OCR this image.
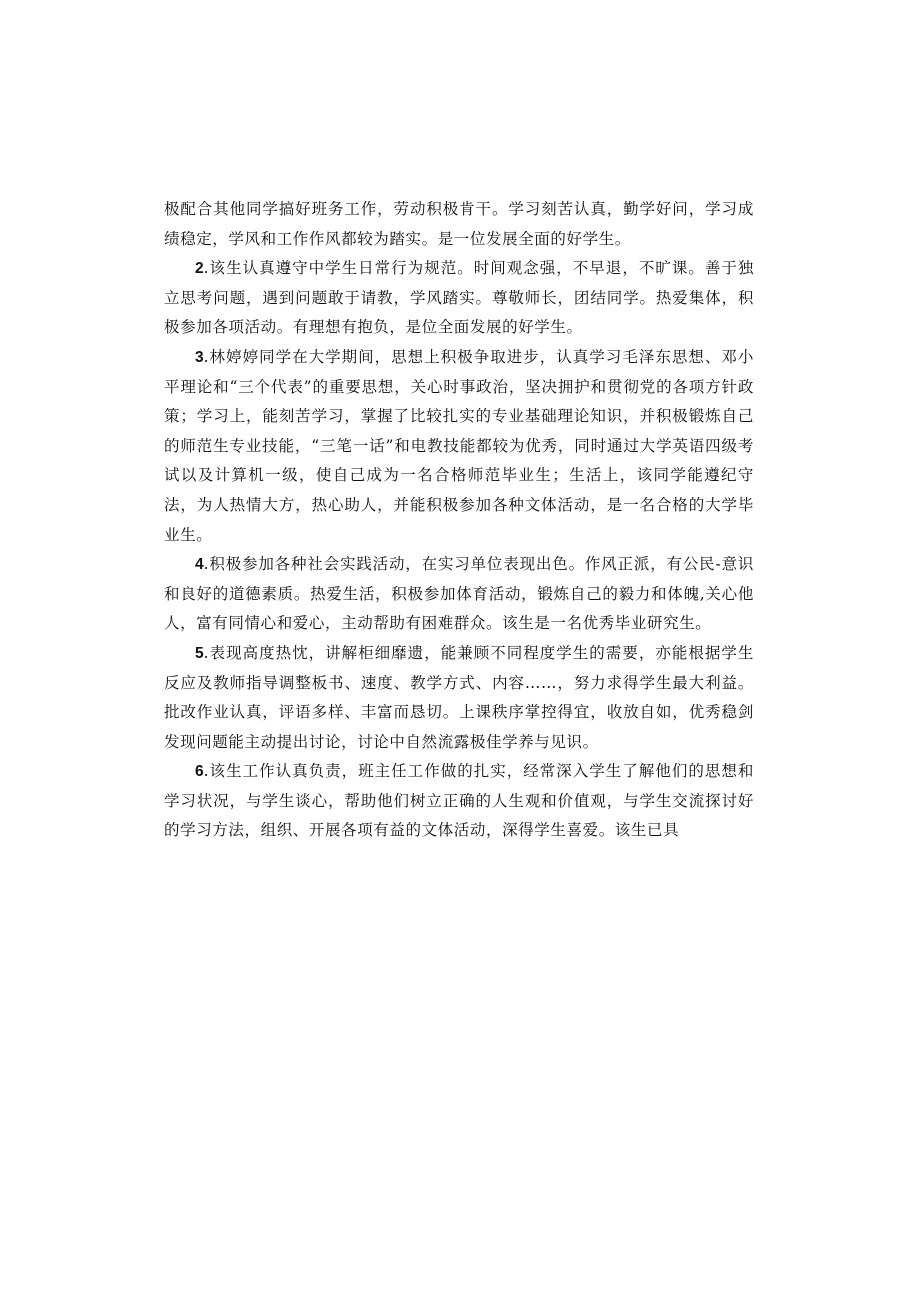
极配合其他同学搞好班务工作，劳动积极肯干。学习刻苦认真，勤学好问，学习成绩稳定，学风和工作作风都较为踏实。是一位发展全面的好学生。

2.该生认真遵守中学生日常行为规范。时间观念强，不早退，不旷课。善于独立思考问题，遇到问题敢于请教，学风踏实。尊敬师长，团结同学。热爱集体，积极参加各项活动。有理想有抱负，是位全面发展的好学生。

3.林婷婷同学在大学期间，思想上积极争取进步，认真学习毛泽东思想、邓小平理论和“三个代表”的重要思想，关心时事政治，坚决拥护和贯彻党的各项方针政策；学习上，能刻苦学习，掌握了比较扎实的专业基础理论知识，并积极锻炼自己的师范生专业技能，“三笔一话”和电教技能都较为优秀，同时通过大学英语四级考试以及计算机一级，使自己成为一名合格师范毕业生；生活上，该同学能遵纪守法，为人热情大方，热心助人，并能积极参加各种文体活动，是一名合格的大学毕业生。

4.积极参加各种社会实践活动，在实习单位表现出色。作风正派，有公民-意识和良好的道德素质。热爱生活，积极参加体育活动，锻炼自己的毅力和体魄,关心他人，富有同情心和爱心，主动帮助有困难群众。该生是一名优秀毕业研究生。

5.表现高度热忱，讲解柜细靡遗，能兼顾不同程度学生的需要，亦能根据学生反应及教师指导调整板书、速度、教学方式、内容……，努力求得学生最大利益。批改作业认真，评语多样、丰富而恳切。上课秩序掌控得宜，收放自如，优秀稳剑发现问题能主动提出讨论，讨论中自然流露极佳学养与见识。

6.该生工作认真负责，班主任工作做的扎实，经常深入学生了解他们的思想和学习状况，与学生谈心，帮助他们树立正确的人生观和价值观，与学生交流探讨好的学习方法，组织、开展各项有益的文体活动，深得学生喜爱。该生已具
